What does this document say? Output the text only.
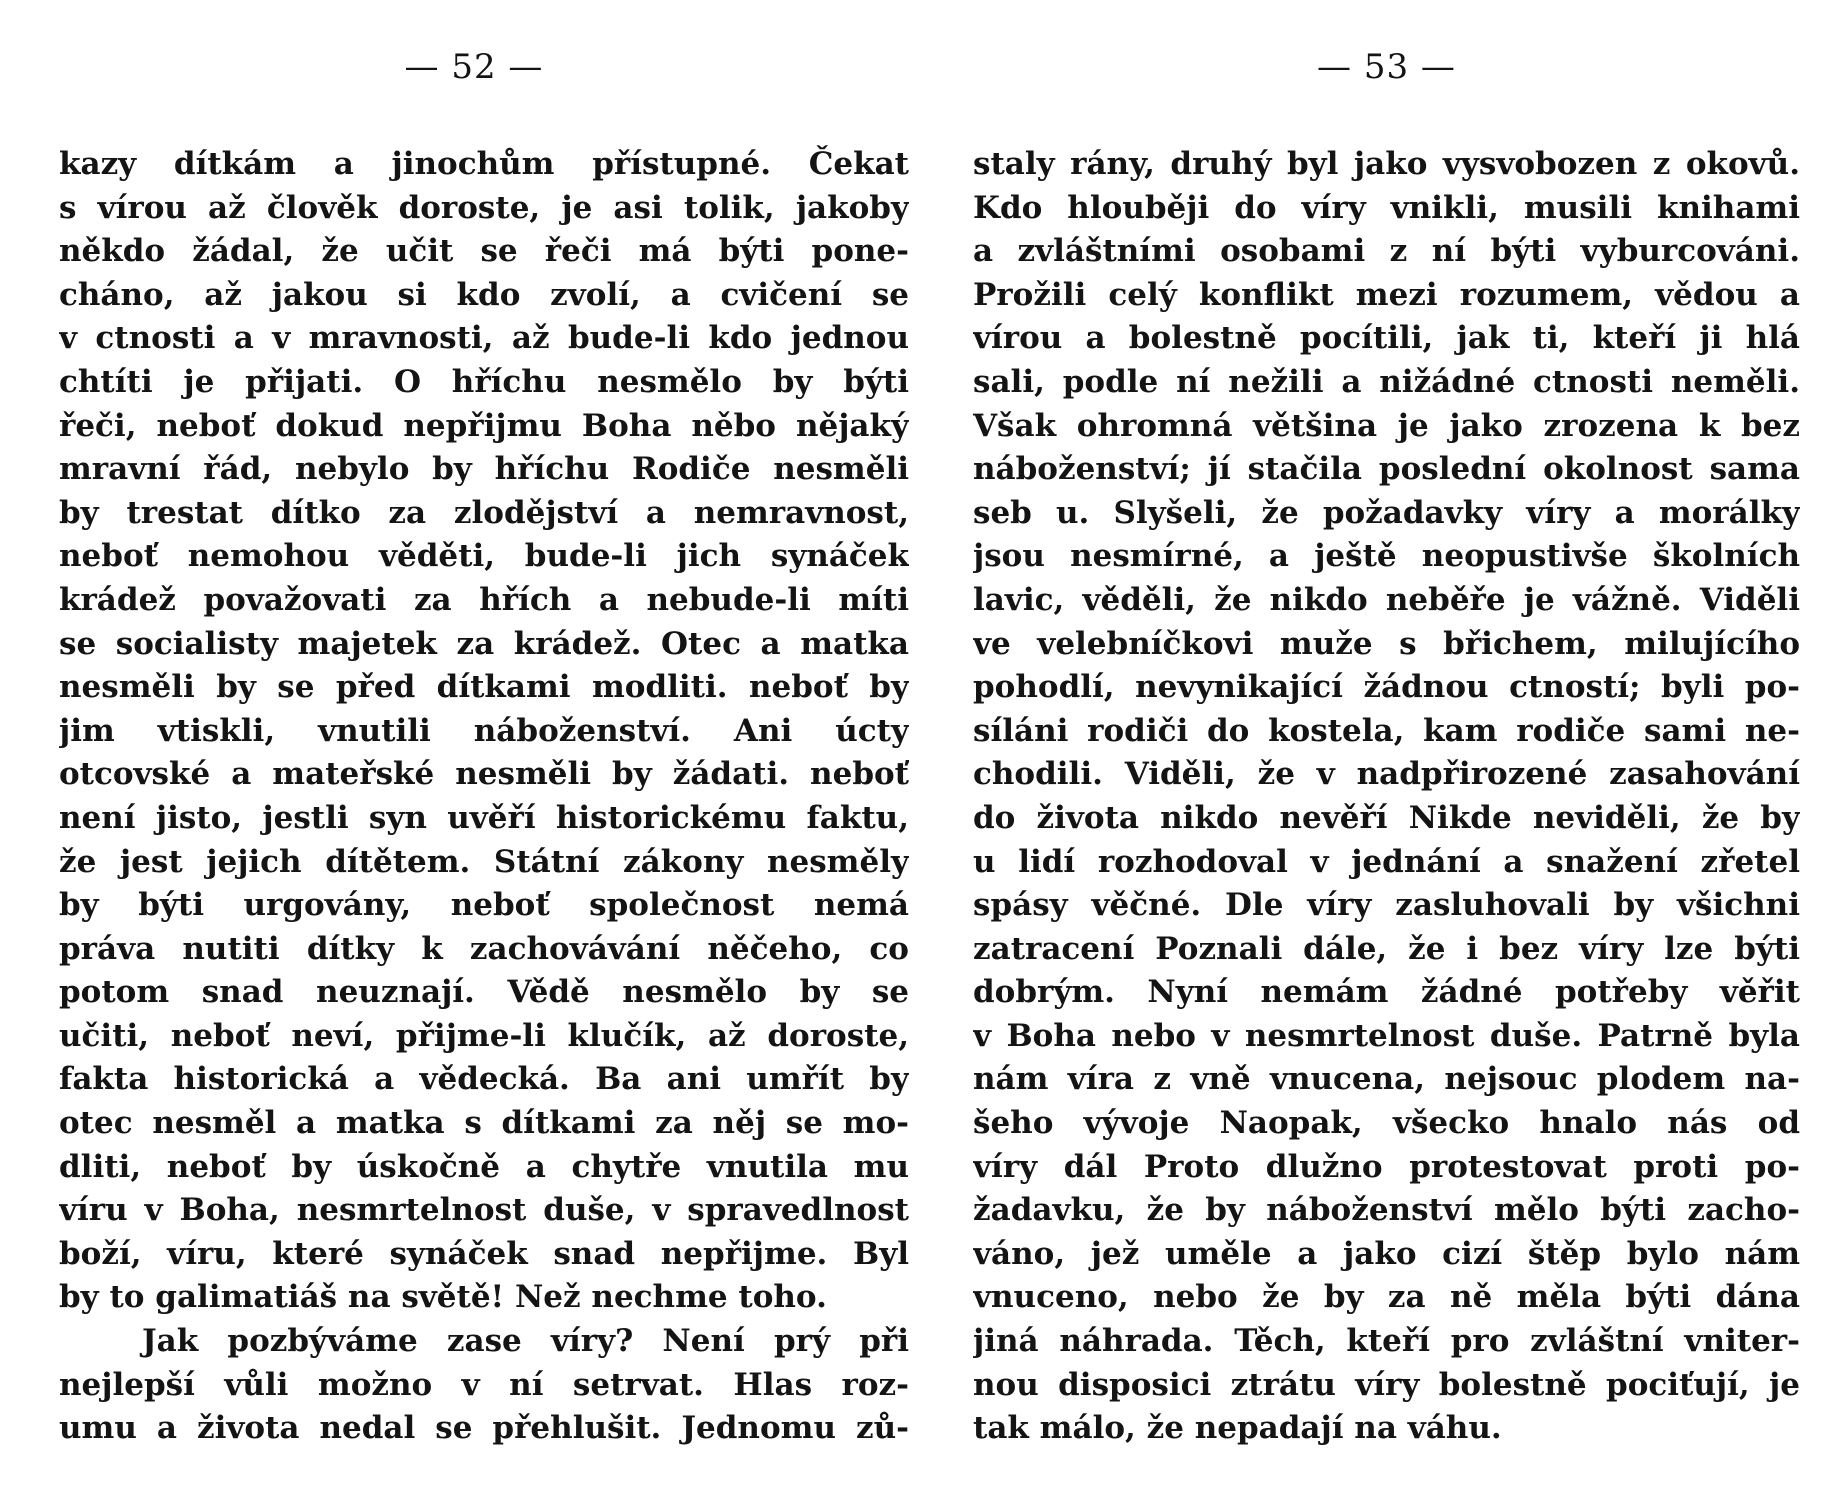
— 52 —
kazy dítkám a jinochům přístupné. Čekat
s vírou až člověk doroste, je asi tolik, jakoby
někdo žádal, že učit se řeči má býti pone-
cháno, až jakou si kdo zvolí, a cvičení se
v ctnosti a v mravnosti, až bude-li kdo jednou
chtíti je přijati. O hříchu nesmělo by býti
řeči, neboť dokud nepřijmu Boha něbo nějaký
mravní řád, nebylo by hříchu Rodiče nesměli
by trestat dítko za zlodějství a nemravnost,
neboť nemohou věděti, bude-li jich synáček
krádež považovati za hřích a nebude-li míti
se socialisty majetek za krádež. Otec a matka
nesměli by se před dítkami modliti. neboť by
jim vtiskli, vnutili náboženství. Ani úcty
otcovské a mateřské nesměli by žádati. neboť
není jisto, jestli syn uvěří historickému faktu,
že jest jejich dítětem. Státní zákony nesměly
by býti urgovány, neboť společnost nemá
práva nutiti dítky k zachovávání něčeho, co
potom snad neuznají. Vědě nesmělo by se
učiti, neboť neví, přijme-li klučík, až doroste,
fakta historická a vědecká. Ba ani umřít by
otec nesměl a matka s dítkami za něj se mo-
dliti, neboť by úskočně a chytře vnutila mu
víru v Boha, nesmrtelnost duše, v spravedlnost
boží, víru, které synáček snad nepřijme. Byl
by to galimatiáš na světě! Než nechme toho.
Jak pozbýváme zase víry? Není prý při
nejlepší vůli možno v ní setrvat. Hlas roz-
umu a života nedal se přehlušit. Jednomu zů-
— 53 —
staly rány, druhý byl jako vysvobozen z okovů.
Kdo hlouběji do víry vnikli, musili knihami
a zvláštními osobami z ní býti vyburcováni.
Prožili celý konflikt mezi rozumem, vědou a
vírou a bolestně pocítili, jak ti, kteří ji hlá
sali, podle ní nežili a nižádné ctnosti neměli.
Však ohromná většina je jako zrozena k bez
náboženství; jí stačila poslední okolnost sama
seb u. Slyšeli, že požadavky víry a morálky
jsou nesmírné, a ještě neopustivše školních
lavic, věděli, že nikdo neběře je vážně. Viděli
ve velebníčkovi muže s břichem, milujícího
pohodlí, nevynikající žádnou ctností; byli po-
síláni rodiči do kostela, kam rodiče sami ne-
chodili. Viděli, že v nadpřirozené zasahování
do života nikdo nevěří Nikde neviděli, že by
u lidí rozhodoval v jednání a snažení zřetel
spásy věčné. Dle víry zasluhovali by všichni
zatracení Poznali dále, že i bez víry lze býti
dobrým. Nyní nemám žádné potřeby věřit
v Boha nebo v nesmrtelnost duše. Patrně byla
nám víra z vně vnucena, nejsouc plodem na-
šeho vývoje Naopak, všecko hnalo nás od
víry dál Proto dlužno protestovat proti po-
žadavku, že by náboženství mělo býti zacho-
váno, jež uměle a jako cizí štěp bylo nám
vnuceno, nebo že by za ně měla býti dána
jiná náhrada. Těch, kteří pro zvláštní vniter-
nou disposici ztrátu víry bolestně pociťují, je
tak málo, že nepadají na váhu.
